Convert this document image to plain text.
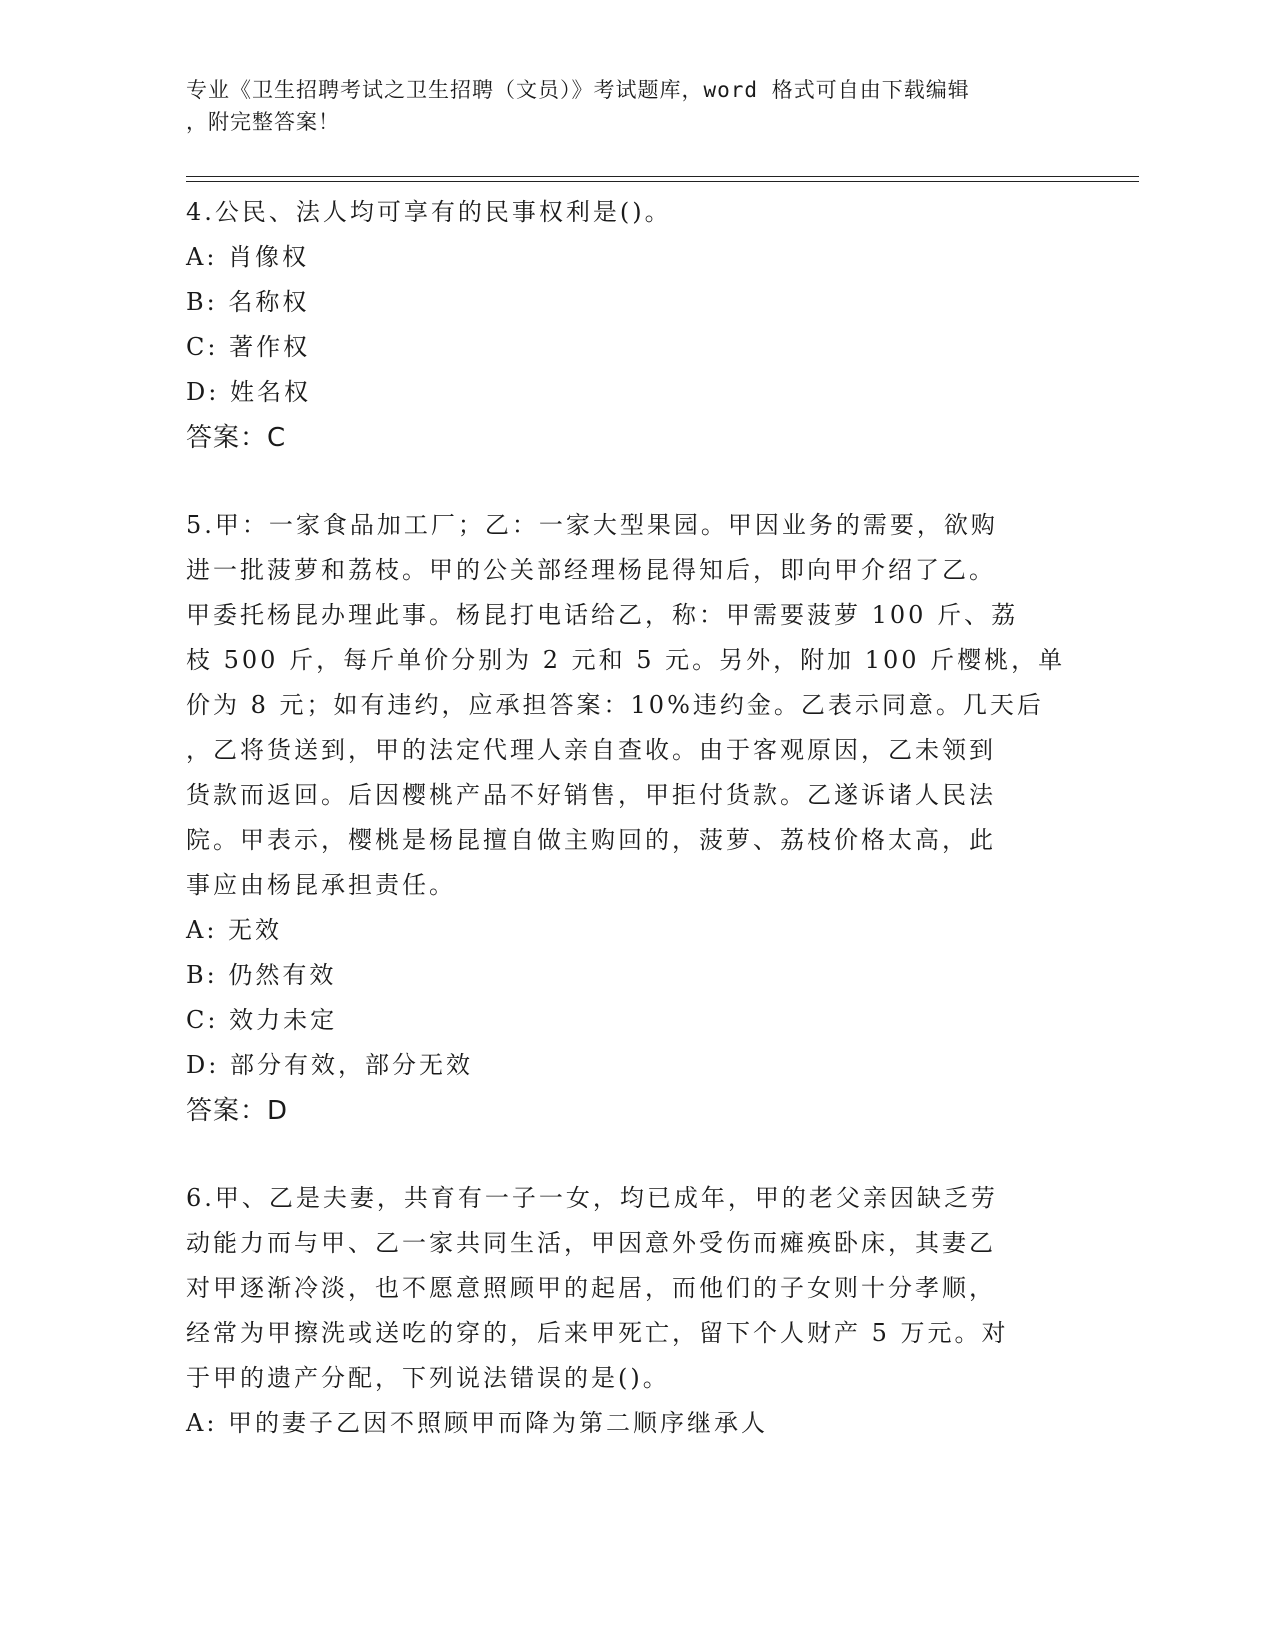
专业《卫生招聘考试之卫生招聘（文员）》考试题库，word 格式可自由下载编辑
，附完整答案！
4.公民、法人均可享有的民事权利是()。
A: 肖像权
B: 名称权
C: 著作权
D: 姓名权
答案：C
5.甲：一家食品加工厂；乙：一家大型果园。甲因业务的需要，欲购
进一批菠萝和荔枝。甲的公关部经理杨昆得知后，即向甲介绍了乙。
甲委托杨昆办理此事。杨昆打电话给乙，称：甲需要菠萝 100 斤、荔
枝 500 斤，每斤单价分别为 2 元和 5 元。另外，附加 100 斤樱桃，单
价为 8 元；如有违约，应承担答案：10%违约金。乙表示同意。几天后
，乙将货送到，甲的法定代理人亲自查收。由于客观原因，乙未领到
货款而返回。后因樱桃产品不好销售，甲拒付货款。乙遂诉诸人民法
院。甲表示，樱桃是杨昆擅自做主购回的，菠萝、荔枝价格太高，此
事应由杨昆承担责任。
A: 无效
B: 仍然有效
C: 效力未定
D: 部分有效，部分无效
答案：D
6.甲、乙是夫妻，共育有一子一女，均已成年，甲的老父亲因缺乏劳
动能力而与甲、乙一家共同生活，甲因意外受伤而瘫痪卧床，其妻乙
对甲逐渐冷淡，也不愿意照顾甲的起居，而他们的子女则十分孝顺，
经常为甲擦洗或送吃的穿的，后来甲死亡，留下个人财产 5 万元。对
于甲的遗产分配，下列说法错误的是()。
A: 甲的妻子乙因不照顾甲而降为第二顺序继承人
